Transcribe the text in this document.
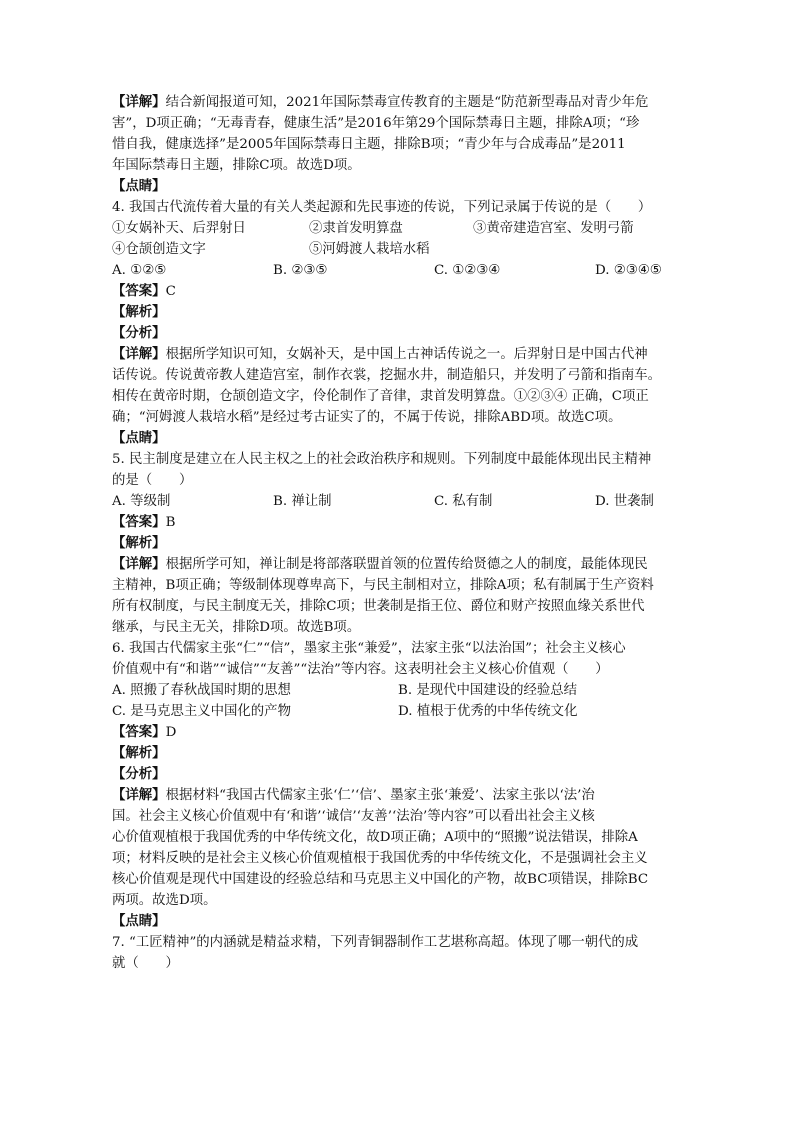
【详解】结合新闻报道可知，2021年国际禁毒宣传教育的主题是“防范新型毒品对青少年危
害”，D项正确；“无毒青春，健康生活”是2016年第29个国际禁毒日主题，排除A项；“珍
惜自我，健康选择”是2005年国际禁毒日主题，排除B项；“青少年与合成毒品”是2011
年国际禁毒日主题，排除C项。故选D项。
【点睛】
4. 我国古代流传着大量的有关人类起源和先民事迹的传说，下列记录属于传说的是（　　）
①女娲补天、后羿射日	②隶首发明算盘	③黄帝建造宫室、发明弓箭
④仓颉创造文字	⑤河姆渡人栽培水稻
A. ①②⑤	B. ②③⑤	C. ①②③④	D. ②③④⑤
【答案】C
【解析】
【分析】
【详解】根据所学知识可知，女娲补天，是中国上古神话传说之一。后羿射日是中国古代神
话传说。传说黄帝教人建造宫室，制作衣裳，挖掘水井，制造船只，并发明了弓箭和指南车。
相传在黄帝时期，仓颉创造文字，伶伦制作了音律，隶首发明算盘。①②③④ 正确，C项正
确；“河姆渡人栽培水稻”是经过考古证实了的，不属于传说，排除ABD项。故选C项。
【点睛】
5. 民主制度是建立在人民主权之上的社会政治秩序和规则。下列制度中最能体现出民主精神
的是（　　）
A. 等级制	B. 禅让制	C. 私有制	D. 世袭制
【答案】B
【解析】
【详解】根据所学可知，禅让制是将部落联盟首领的位置传给贤德之人的制度，最能体现民
主精神，B项正确；等级制体现尊卑高下，与民主制相对立，排除A项；私有制属于生产资料
所有权制度，与民主制度无关，排除C项；世袭制是指王位、爵位和财产按照血缘关系世代
继承，与民主无关，排除D项。故选B项。
6. 我国古代儒家主张“仁”“信”，墨家主张“兼爱”，法家主张“以法治国”；社会主义核心
价值观中有“和谐”“诚信”“友善”“法治”等内容。这表明社会主义核心价值观（　　）
A. 照搬了春秋战国时期的思想	B. 是现代中国建设的经验总结
C. 是马克思主义中国化的产物	D. 植根于优秀的中华传统文化
【答案】D
【解析】
【分析】
【详解】根据材料“我国古代儒家主张‘仁’‘信’、墨家主张‘兼爱’、法家主张以‘法’治
国。社会主义核心价值观中有‘和谐’‘诚信’‘友善’‘法治’等内容”可以看出社会主义核
心价值观植根于我国优秀的中华传统文化，故D项正确；A项中的“照搬”说法错误，排除A
项；材料反映的是社会主义核心价值观植根于我国优秀的中华传统文化，不是强调社会主义
核心价值观是现代中国建设的经验总结和马克思主义中国化的产物，故BC项错误，排除BC
两项。故选D项。
【点睛】
7. “工匠精神”的内涵就是精益求精，下列青铜器制作工艺堪称高超。体现了哪一朝代的成
就（　　）
